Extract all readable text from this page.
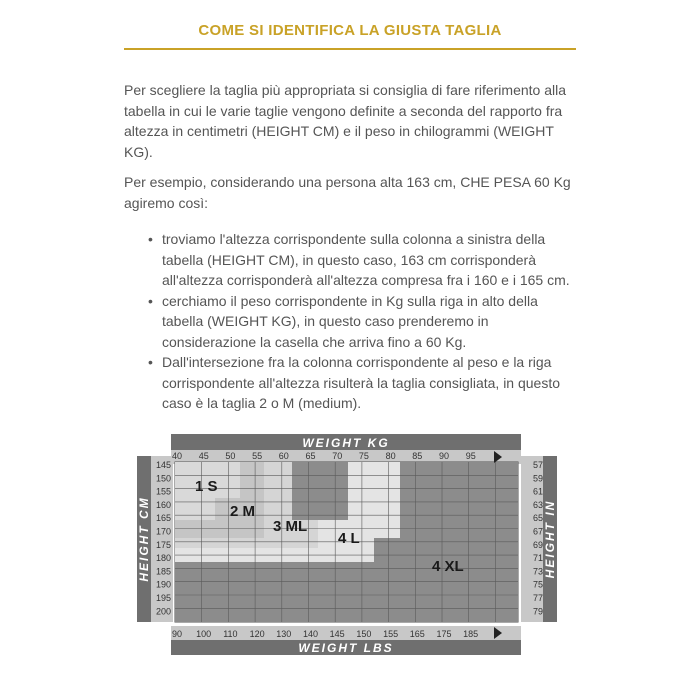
COME SI IDENTIFICA LA GIUSTA TAGLIA

Per scegliere la taglia più appropriata si consiglia di fare riferimento alla tabella in cui le varie taglie vengono definite a seconda del rapporto fra altezza in centimetri (HEIGHT CM) e il peso in chilogrammi (WEIGHT KG).

Per esempio, considerando una persona alta 163 cm, CHE PESA 60 Kg agiremo così:

• troviamo l'altezza corrispondente sulla colonna a sinistra della tabella (HEIGHT CM), in questo caso, 163 cm corrisponderà all'altezza corrisponderà all'altezza compresa fra i 160 e i 165 cm.
• cerchiamo il peso corrispondente in Kg sulla riga in alto della tabella (WEIGHT KG), in questo caso prenderemo in considerazione la casella che arriva fino a 60 Kg.
• Dall'intersezione fra la colonna corrispondente al peso e la riga corrispondente all'altezza risulterà la taglia consigliata, in questo caso è la taglia 2 o M (medium).
1 S
2 M
3 ML
4 L
4 XL
WEIGHT KG
WEIGHT LBS
HEIGHT CM	HEIGHT IN
40 45 50 55 60 65 70 75 80 85 90 95
90 100 110 120 130 140 145 150 155 165 175 185
145
150
155
160
165
170
175
180
185
190
195
200
57
59
61
63
65
67
69
71
73
75
77
79
